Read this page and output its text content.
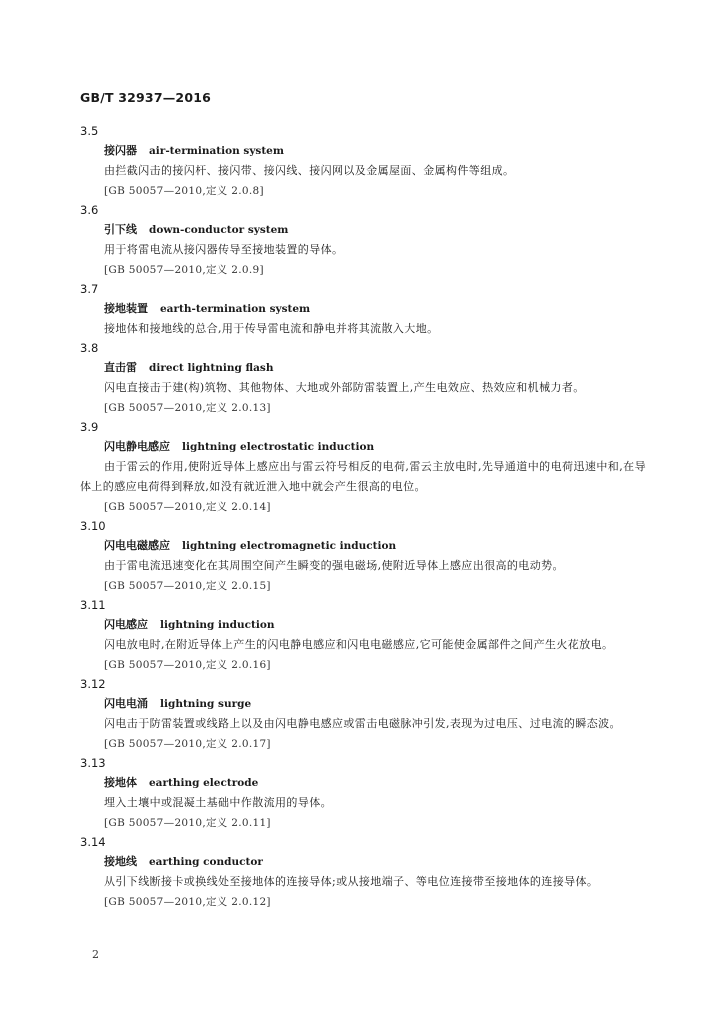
GB/T 32937—2016
3.5
接闪器 air-termination system
由拦截闪击的接闪杆、接闪带、接闪线、接闪网以及金属屋面、金属构件等组成。
[GB 50057—2010,定义 2.0.8]
3.6
引下线 down-conductor system
用于将雷电流从接闪器传导至接地装置的导体。
[GB 50057—2010,定义 2.0.9]
3.7
接地装置 earth-termination system
接地体和接地线的总合,用于传导雷电流和静电并将其流散入大地。
3.8
直击雷 direct lightning flash
闪电直接击于建(构)筑物、其他物体、大地或外部防雷装置上,产生电效应、热效应和机械力者。
[GB 50057—2010,定义 2.0.13]
3.9
闪电静电感应 lightning electrostatic induction
由于雷云的作用,使附近导体上感应出与雷云符号相反的电荷,雷云主放电时,先导通道中的电荷迅速中和,在导体上的感应电荷得到释放,如没有就近泄入地中就会产生很高的电位。
[GB 50057—2010,定义 2.0.14]
3.10
闪电电磁感应 lightning electromagnetic induction
由于雷电流迅速变化在其周围空间产生瞬变的强电磁场,使附近导体上感应出很高的电动势。
[GB 50057—2010,定义 2.0.15]
3.11
闪电感应 lightning induction
闪电放电时,在附近导体上产生的闪电静电感应和闪电电磁感应,它可能使金属部件之间产生火花放电。
[GB 50057—2010,定义 2.0.16]
3.12
闪电电涌 lightning surge
闪电击于防雷装置或线路上以及由闪电静电感应或雷击电磁脉冲引发,表现为过电压、过电流的瞬态波。
[GB 50057—2010,定义 2.0.17]
3.13
接地体 earthing electrode
埋入土壤中或混凝土基础中作散流用的导体。
[GB 50057—2010,定义 2.0.11]
3.14
接地线 earthing conductor
从引下线断接卡或换线处至接地体的连接导体;或从接地端子、等电位连接带至接地体的连接导体。
[GB 50057—2010,定义 2.0.12]
2
